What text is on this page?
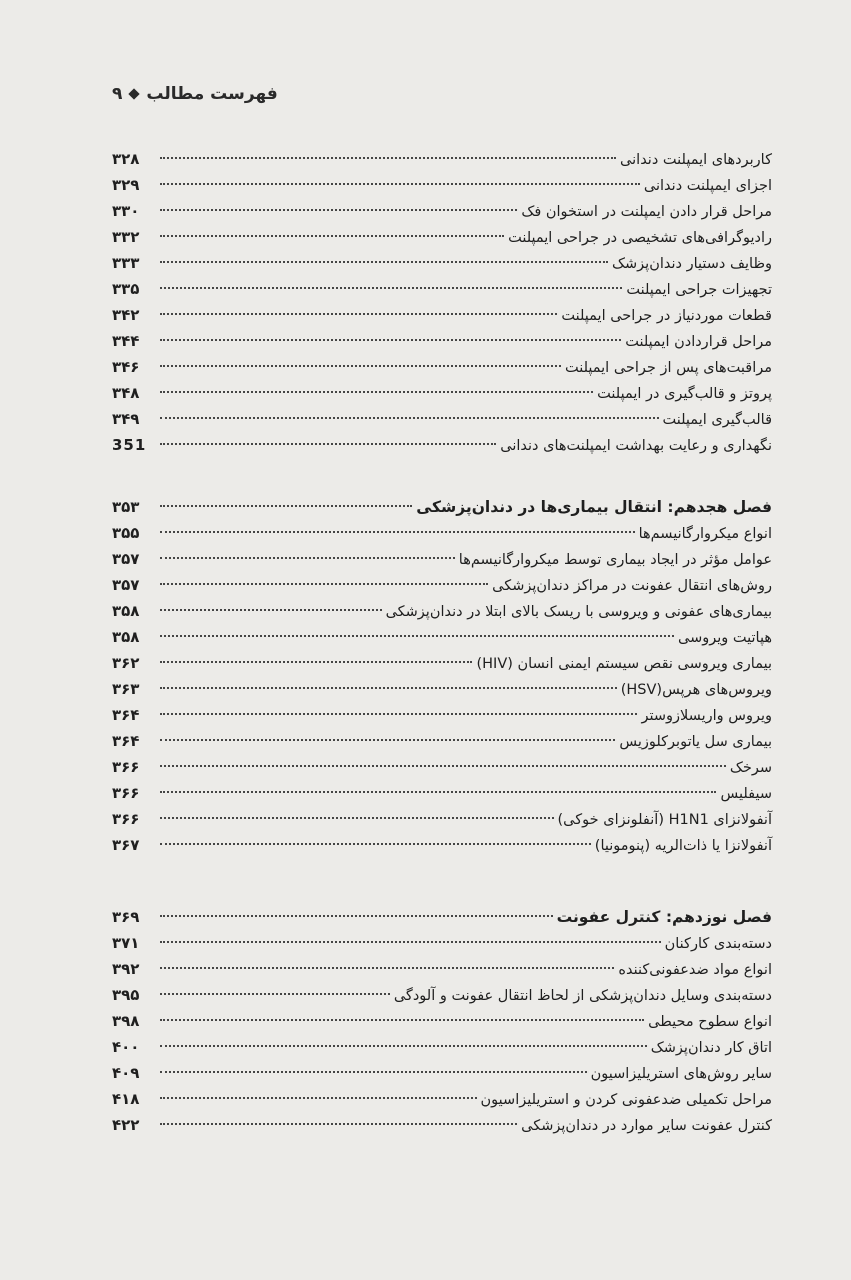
فهرست مطالب
۹
کاربردهای ایمپلنت دندانی
۳۲۸
اجزای ایمپلنت دندانی
۳۲۹
مراحل قرار دادن ایمپلنت در استخوان فک
۳۳۰
رادیوگرافی‌های تشخیصی در جراحی ایمپلنت
۳۳۲
وظایف دستیار دندان‌پزشک
۳۳۳
تجهیزات جراحی ایمپلنت
۳۳۵
قطعات موردنیاز در جراحی ایمپلنت
۳۴۲
مراحل قراردادن ایمپلنت
۳۴۴
مراقبت‌های پس از جراحی ایمپلنت
۳۴۶
پروتز و قالب‌گیری در ایمپلنت
۳۴۸
قالب‌گیری ایمپلنت
۳۴۹
نگهداری و رعایت بهداشت ایمپلنت‌های دندانی
351
فصل هجدهم: انتقال بیماری‌ها در دندان‌پزشکی
۳۵۳
انواع میکروارگانیسم‌ها
۳۵۵
عوامل مؤثر در ایجاد بیماری توسط میکروارگانیسم‌ها
۳۵۷
روش‌های انتقال عفونت در مراکز دندان‌پزشکی
۳۵۷
بیماری‌های عفونی و ویروسی با ریسک بالای ابتلا در دندان‌پزشکی
۳۵۸
هپاتیت ویروسی
۳۵۸
بیماری ویروسی نقص سیستم ایمنی انسان (HIV)
۳۶۲
ویروس‌های هرپس(HSV)
۳۶۳
ویروس واریسلازوستر
۳۶۴
بیماری سل یاتوبرکلوزیس
۳۶۴
سرخک
۳۶۶
سیفلیس
۳۶۶
آنفولانزای H1N1 (آنفلونزای خوکی)
۳۶۶
آنفولانزا یا ذات‌الریه (پنومونیا)
۳۶۷
فصل نوزدهم: کنترل عفونت
۳۶۹
دسته‌بندی کارکنان
۳۷۱
انواع مواد ضدعفونی‌کننده
۳۹۲
دسته‌بندی وسایل دندان‌پزشکی از لحاظ انتقال عفونت و آلودگی
۳۹۵
انواع سطوح محیطی
۳۹۸
اتاق کار دندان‌پزشک
۴۰۰
سایر روش‌های استریلیزاسیون
۴۰۹
مراحل تکمیلی ضدعفونی کردن و استریلیزاسیون
۴۱۸
کنترل عفونت سایر موارد در دندان‌پزشکی
۴۲۲
